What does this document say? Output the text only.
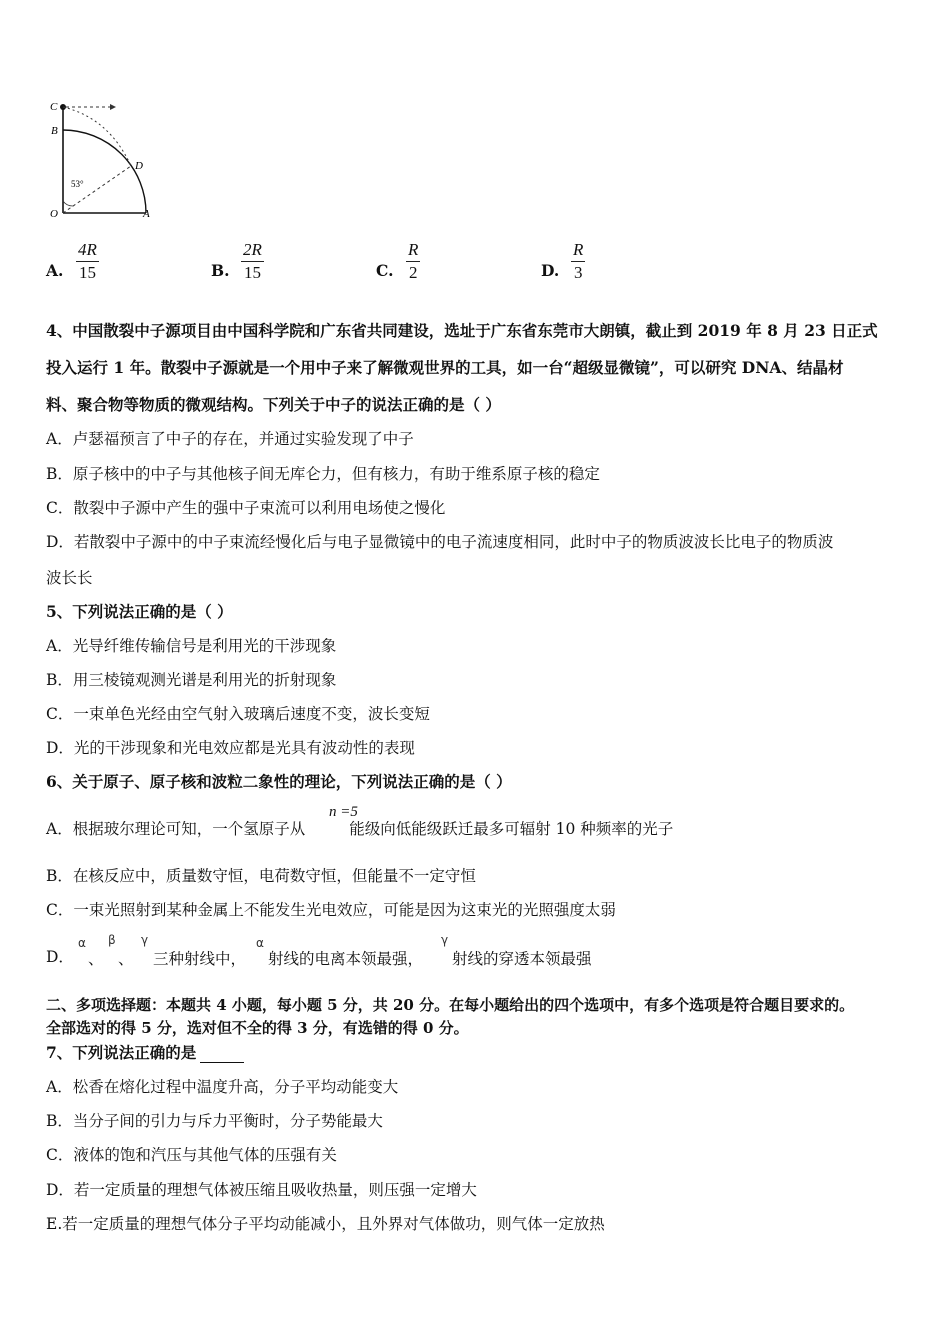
C
B
D
O	A
53°
A.
4R
15	B.
2R
15	C.
R
2	D.
R
3
4、中国散裂中子源项目由中国科学院和广东省共同建设，选址于广东省东莞市大朗镇，截止到 2019 年 8 月 23 日正式
投入运行 1 年。散裂中子源就是一个用中子来了解微观世界的工具，如一台“超级显微镜”，可以研究 DNA、结晶材
料、聚合物等物质的微观结构。下列关于中子的说法正确的是（ ）
A．卢瑟福预言了中子的存在，并通过实验发现了中子
B．原子核中的中子与其他核子间无库仑力，但有核力，有助于维系原子核的稳定
C．散裂中子源中产生的强中子束流可以利用电场使之慢化
D．若散裂中子源中的中子束流经慢化后与电子显微镜中的电子流速度相同，此时中子的物质波波长比电子的物质波
波长长
5、下列说法正确的是（ ）
A．光导纤维传输信号是利用光的干涉现象
B．用三棱镜观测光谱是利用光的折射现象
C．一束单色光经由空气射入玻璃后速度不变，波长变短
D．光的干涉现象和光电效应都是光具有波动性的表现
6、关于原子、原子核和波粒二象性的理论，下列说法正确的是（ ）
A．根据玻尔理论可知，一个氢原子从	能级向低能级跃迁最多可辐射 10 种频率的光子
n =5
B．在核反应中，质量数守恒，电荷数守恒，但能量不一定守恒
C．一束光照射到某种金属上不能发生光电效应，可能是因为这束光的光照强度太弱
D．
α
、
β
、
γ
三种射线中，
α
射线的电离本领最强，
γ
射线的穿透本领最强
二、多项选择题：本题共 4 小题，每小题 5 分，共 20 分。在每小题给出的四个选项中，有多个选项是符合题目要求的。
全部选对的得 5 分，选对但不全的得 3 分，有选错的得 0 分。
7、下列说法正确的是
A．松香在熔化过程中温度升高，分子平均动能变大
B．当分子间的引力与斥力平衡时，分子势能最大
C．液体的饱和汽压与其他气体的压强有关
D．若一定质量的理想气体被压缩且吸收热量，则压强一定增大
E.若一定质量的理想气体分子平均动能减小，且外界对气体做功，则气体一定放热
